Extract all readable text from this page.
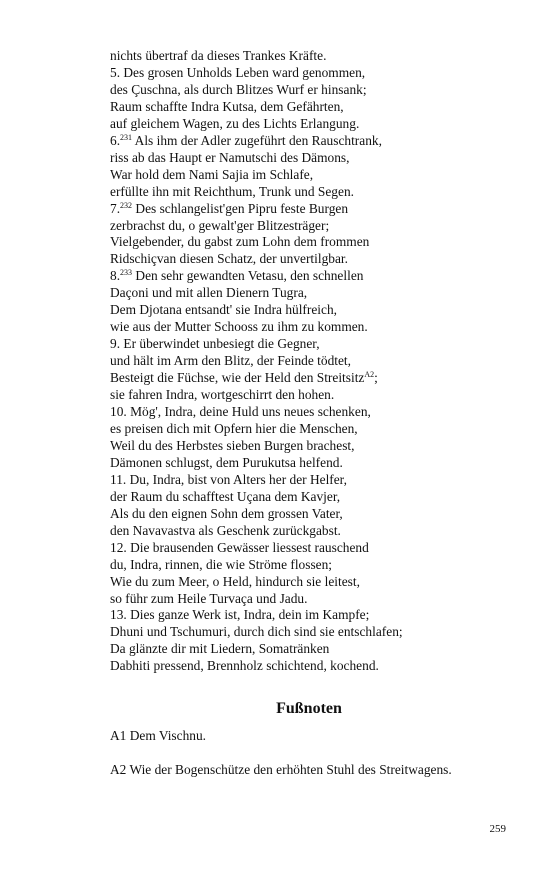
nichts übertraf da dieses Trankes Kräfte.
5. Des grosen Unholds Leben ward genommen,
des Çuschna, als durch Blitzes Wurf er hinsank;
Raum schaffte Indra Kutsa, dem Gefährten,
auf gleichem Wagen, zu des Lichts Erlangung.
6.$^{231}$ Als ihm der Adler zugeführt den Rauschtrank,
riss ab das Haupt er Namutschi des Dämons,
War hold dem Nami Sajia im Schlafe,
erfüllte ihn mit Reichthum, Trunk und Segen.
7.$^{232}$ Des schlangelist'gen Pipru feste Burgen
zerbrachst du, o gewalt'ger Blitzesträger;
Vielgebender, du gabst zum Lohn dem frommen
Ridschiçvan diesen Schatz, der unvertilgbar.
8.$^{233}$ Den sehr gewandten Vetasu, den schnellen
Daçoni und mit allen Dienern Tugra,
Dem Djotana entsandt' sie Indra hülfreich,
wie aus der Mutter Schooss zu ihm zu kommen.
9. Er überwindet unbesiegt die Gegner,
und hält im Arm den Blitz, der Feinde tödtet,
Besteigt die Füchse, wie der Held den Streitsitz$^{A2}$;
sie fahren Indra, wortgeschirrt den hohen.
10. Mög', Indra, deine Huld uns neues schenken,
es preisen dich mit Opfern hier die Menschen,
Weil du des Herbstes sieben Burgen brachest,
Dämonen schlugst, dem Purukutsa helfend.
11. Du, Indra, bist von Alters her der Helfer,
der Raum du schafftest Uçana dem Kavjer,
Als du den eignen Sohn dem grossen Vater,
den Navavastva als Geschenk zurückgabst.
12. Die brausenden Gewässer liessest rauschend
du, Indra, rinnen, die wie Ströme flossen;
Wie du zum Meer, o Held, hindurch sie leitest,
so führ zum Heile Turvaça und Jadu.
13. Dies ganze Werk ist, Indra, dein im Kampfe;
Dhuni und Tschumuri, durch dich sind sie entschlafen;
Da glänzte dir mit Liedern, Somatränken
Dabhiti pressend, Brennholz schichtend, kochend.
Fußnoten

A1 Dem Vischnu.

A2 Wie der Bogenschütze den erhöhten Stuhl des Streitwagens.

259
